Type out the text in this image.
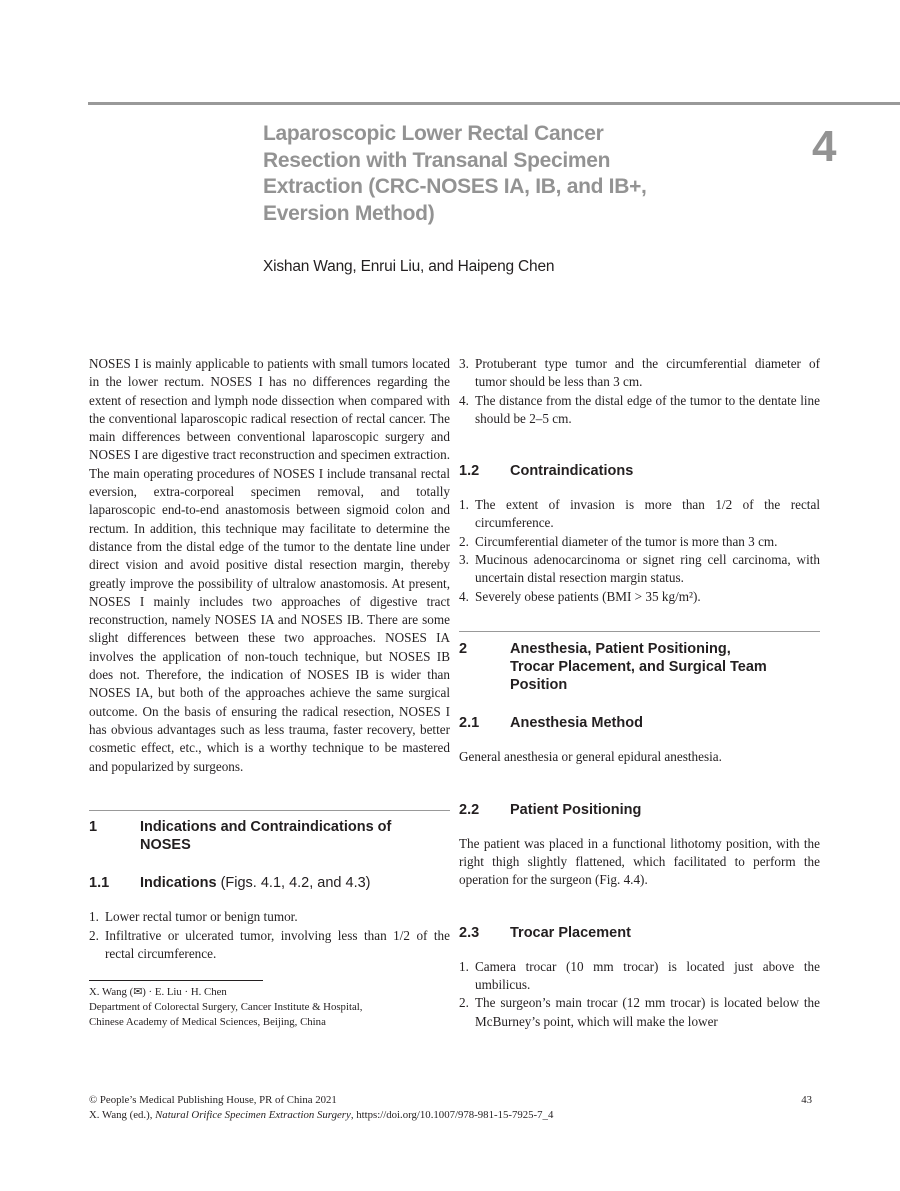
Laparoscopic Lower Rectal Cancer
Resection with Transanal Specimen
Extraction (CRC-NOSES IA, IB, and IB+,
Eversion Method)
4
Xishan Wang, Enrui Liu, and Haipeng Chen

NOSES I is mainly applicable to patients with small tumors located in the lower rectum. NOSES I has no differences regarding the extent of resection and lymph node dissection when compared with the conventional laparoscopic radical resection of rectal cancer. The main differences between conventional laparoscopic surgery and NOSES I are digestive tract reconstruction and specimen extraction. The main operating procedures of NOSES I include transanal rectal eversion, extra-corporeal specimen removal, and totally laparoscopic end-to-end anastomosis between sigmoid colon and rectum. In addition, this technique may facilitate to determine the distance from the distal edge of the tumor to the dentate line under direct vision and avoid positive distal resection margin, thereby greatly improve the possibility of ultralow anastomosis. At present, NOSES I mainly includes two approaches of digestive tract reconstruction, namely NOSES IA and NOSES IB. There are some slight differences between these two approaches. NOSES IA involves the application of non-touch technique, but NOSES IB does not. Therefore, the indication of NOSES IB is wider than NOSES IA, but both of the approaches achieve the same surgical outcome. On the basis of ensuring the radical resection, NOSES I has obvious advantages such as less trauma, faster recovery, better cosmetic effect, etc., which is a worthy technique to be mastered and popularized by surgeons.

1	Indications and Contraindications of NOSES
1.1	Indications (Figs. 4.1, 4.2, and 4.3)
1. Lower rectal tumor or benign tumor.
2. Infiltrative or ulcerated tumor, involving less than 1/2 of the rectal circumference.
X. Wang (✉) · E. Liu · H. Chen
Department of Colorectal Surgery, Cancer Institute & Hospital,
Chinese Academy of Medical Sciences, Beijing, China
3. Protuberant type tumor and the circumferential diameter of tumor should be less than 3 cm.
4. The distance from the distal edge of the tumor to the dentate line should be 2–5 cm.
1.2	Contraindications
1. The extent of invasion is more than 1/2 of the rectal circumference.
2. Circumferential diameter of the tumor is more than 3 cm.
3. Mucinous adenocarcinoma or signet ring cell carcinoma, with uncertain distal resection margin status.
4. Severely obese patients (BMI > 35 kg/m²).
2	Anesthesia, Patient Positioning, Trocar Placement, and Surgical Team Position
2.1	Anesthesia Method

General anesthesia or general epidural anesthesia.

2.2	Patient Positioning

The patient was placed in a functional lithotomy position, with the right thigh slightly flattened, which facilitated to perform the operation for the surgeon (Fig. 4.4).

2.3	Trocar Placement
1. Camera trocar (10 mm trocar) is located just above the umbilicus.
2. The surgeon’s main trocar (12 mm trocar) is located below the McBurney’s point, which will make the lower
© People’s Medical Publishing House, PR of China 2021
X. Wang (ed.), Natural Orifice Specimen Extraction Surgery, https://doi.org/10.1007/978-981-15-7925-7_4
43
